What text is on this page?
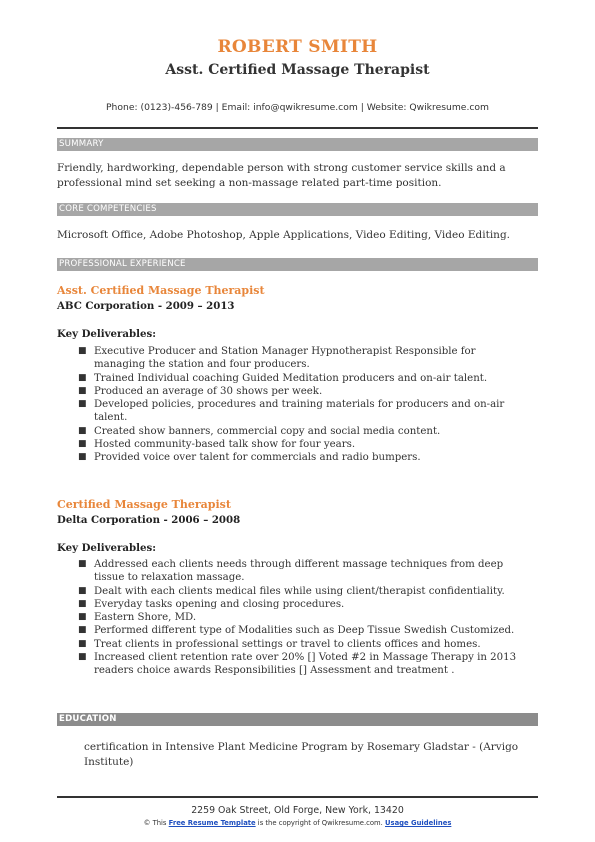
ROBERT SMITH
Asst. Certified Massage Therapist
Phone: (0123)-456-789 | Email: info@qwikresume.com | Website: Qwikresume.com
SUMMARY
Friendly, hardworking, dependable person with strong customer service skills and a professional mind set seeking a non-massage related part-time position.
CORE COMPETENCIES
Microsoft Office, Adobe Photoshop, Apple Applications, Video Editing, Video Editing.
PROFESSIONAL EXPERIENCE
Asst. Certified Massage Therapist
ABC Corporation - 2009 – 2013
Key Deliverables:
■ Executive Producer and Station Manager Hypnotherapist Responsible for managing the station and four producers.
■ Trained Individual coaching Guided Meditation producers and on-air talent.
■ Produced an average of 30 shows per week.
■ Developed policies, procedures and training materials for producers and on-air talent.
■ Created show banners, commercial copy and social media content.
■ Hosted community-based talk show for four years.
■ Provided voice over talent for commercials and radio bumpers.
Certified Massage Therapist
Delta Corporation - 2006 – 2008
Key Deliverables:
■ Addressed each clients needs through different massage techniques from deep tissue to relaxation massage.
■ Dealt with each clients medical files while using client/therapist confidentiality.
■ Everyday tasks opening and closing procedures.
■ Eastern Shore, MD.
■ Performed different type of Modalities such as Deep Tissue Swedish Customized.
■ Treat clients in professional settings or travel to clients offices and homes.
■ Increased client retention rate over 20% [] Voted #2 in Massage Therapy in 2013 readers choice awards Responsibilities [] Assessment and treatment .
EDUCATION
certification in Intensive Plant Medicine Program by Rosemary Gladstar - (Arvigo Institute)
2259 Oak Street, Old Forge, New York, 13420
© This Free Resume Template is the copyright of Qwikresume.com. Usage Guidelines
